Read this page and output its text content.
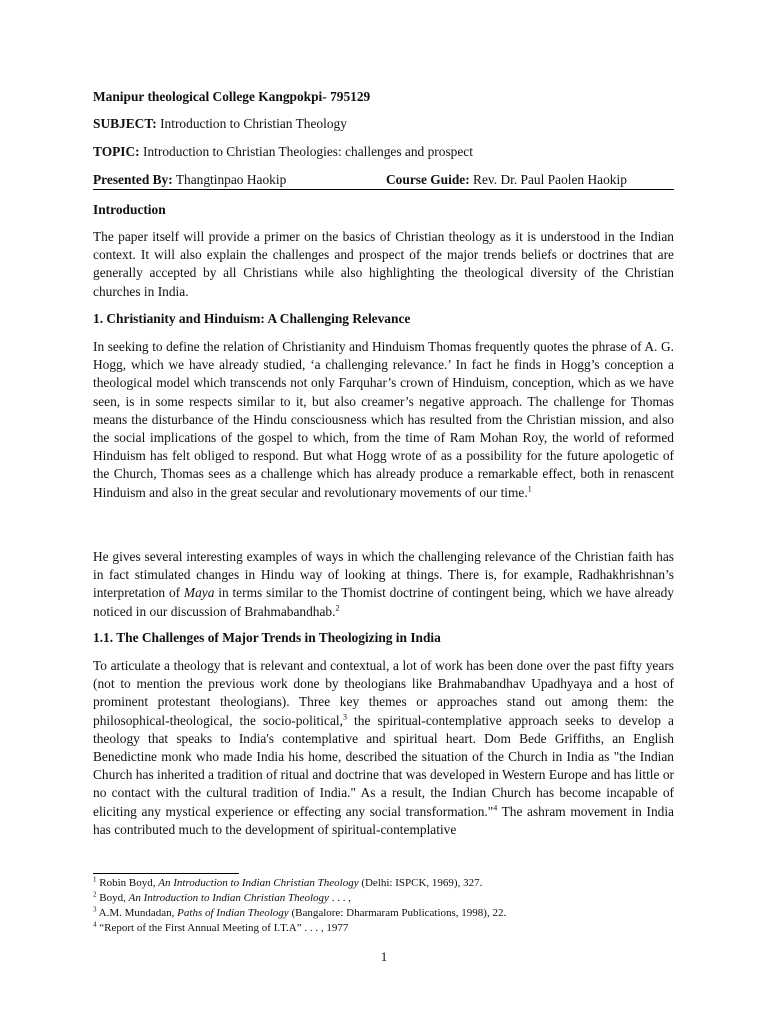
Manipur theological College Kangpokpi- 795129
SUBJECT: Introduction to Christian Theology
TOPIC: Introduction to Christian Theologies: challenges and prospect
Presented By: Thangtinpao Haokip	Course Guide: Rev. Dr. Paul Paolen Haokip
Introduction
The paper itself will provide a primer on the basics of Christian theology as it is understood in the Indian context. It will also explain the challenges and prospect of the major trends beliefs or doctrines that are generally accepted by all Christians while also highlighting the theological diversity of the Christian churches in India.
1. Christianity and Hinduism: A Challenging Relevance
In seeking to define the relation of Christianity and Hinduism Thomas frequently quotes the phrase of A. G. Hogg, which we have already studied, ‘a challenging relevance.’ In fact he finds in Hogg’s conception a theological model which transcends not only Farquhar’s crown of Hinduism, conception, which as we have seen, is in some respects similar to it, but also creamer’s negative approach. The challenge for Thomas means the disturbance of the Hindu consciousness which has resulted from the Christian mission, and also the social implications of the gospel to which, from the time of Ram Mohan Roy, the world of reformed Hinduism has felt obliged to respond. But what Hogg wrote of as a possibility for the future apologetic of the Church, Thomas sees as a challenge which has already produce a remarkable effect, both in renascent Hinduism and also in the great secular and revolutionary movements of our time.$^1$
He gives several interesting examples of ways in which the challenging relevance of the Christian faith has in fact stimulated changes in Hindu way of looking at things. There is, for example, Radhakhrishnan’s interpretation of Maya in terms similar to the Thomist doctrine of contingent being, which we have already noticed in our discussion of Brahmabandhab.$^2$
1.1. The Challenges of Major Trends in Theologizing in India
To articulate a theology that is relevant and contextual, a lot of work has been done over the past fifty years (not to mention the previous work done by theologians like Brahmabandhav Upadhyaya and a host of prominent protestant theologians). Three key themes or approaches stand out among them: the philosophical-theological, the socio-political,$^3$ the spiritual-contemplative approach seeks to develop a theology that speaks to India's contemplative and spiritual heart. Dom Bede Griffiths, an English Benedictine monk who made India his home, described the situation of the Church in India as "the Indian Church has inherited a tradition of ritual and doctrine that was developed in Western Europe and has little or no contact with the cultural tradition of India." As a result, the Indian Church has become incapable of eliciting any mystical experience or effecting any social transformation."$^4$ The ashram movement in India has contributed much to the development of spiritual-contemplative
$^1$ Robin Boyd, An Introduction to Indian Christian Theology (Delhi: ISPCK, 1969), 327.
$^2$ Boyd, An Introduction to Indian Christian Theology . . . ,
$^3$ A.M. Mundadan, Paths of Indian Theology (Bangalore: Dharmaram Publications, 1998), 22.
$^4$ “Report of the First Annual Meeting of I.T.A” . . . , 1977
1
